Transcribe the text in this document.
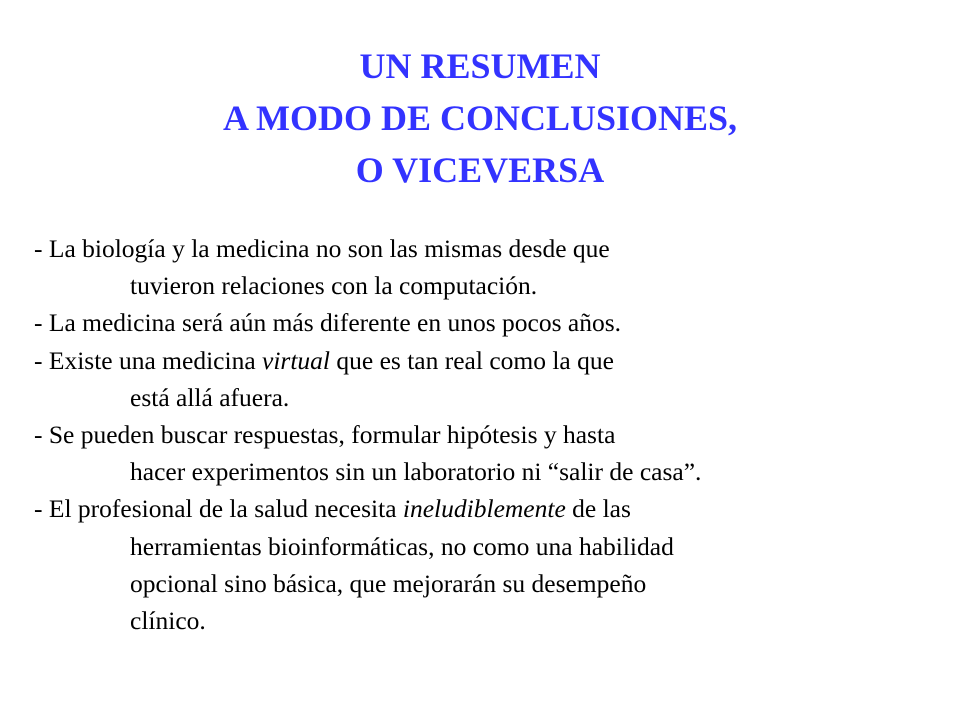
UN RESUMEN
A MODO DE CONCLUSIONES,
O VICEVERSA
- La biología y la medicina no son las mismas desde que
tuvieron relaciones con la computación.
- La medicina será aún más diferente en unos pocos años.
- Existe una medicina virtual que es tan real como la que
está allá afuera.
- Se pueden buscar respuestas, formular hipótesis y hasta
hacer experimentos sin un laboratorio ni “salir de casa”.
- El profesional de la salud necesita ineludiblemente de las
herramientas bioinformáticas, no como una habilidad
opcional sino básica, que mejorarán su desempeño
clínico.
